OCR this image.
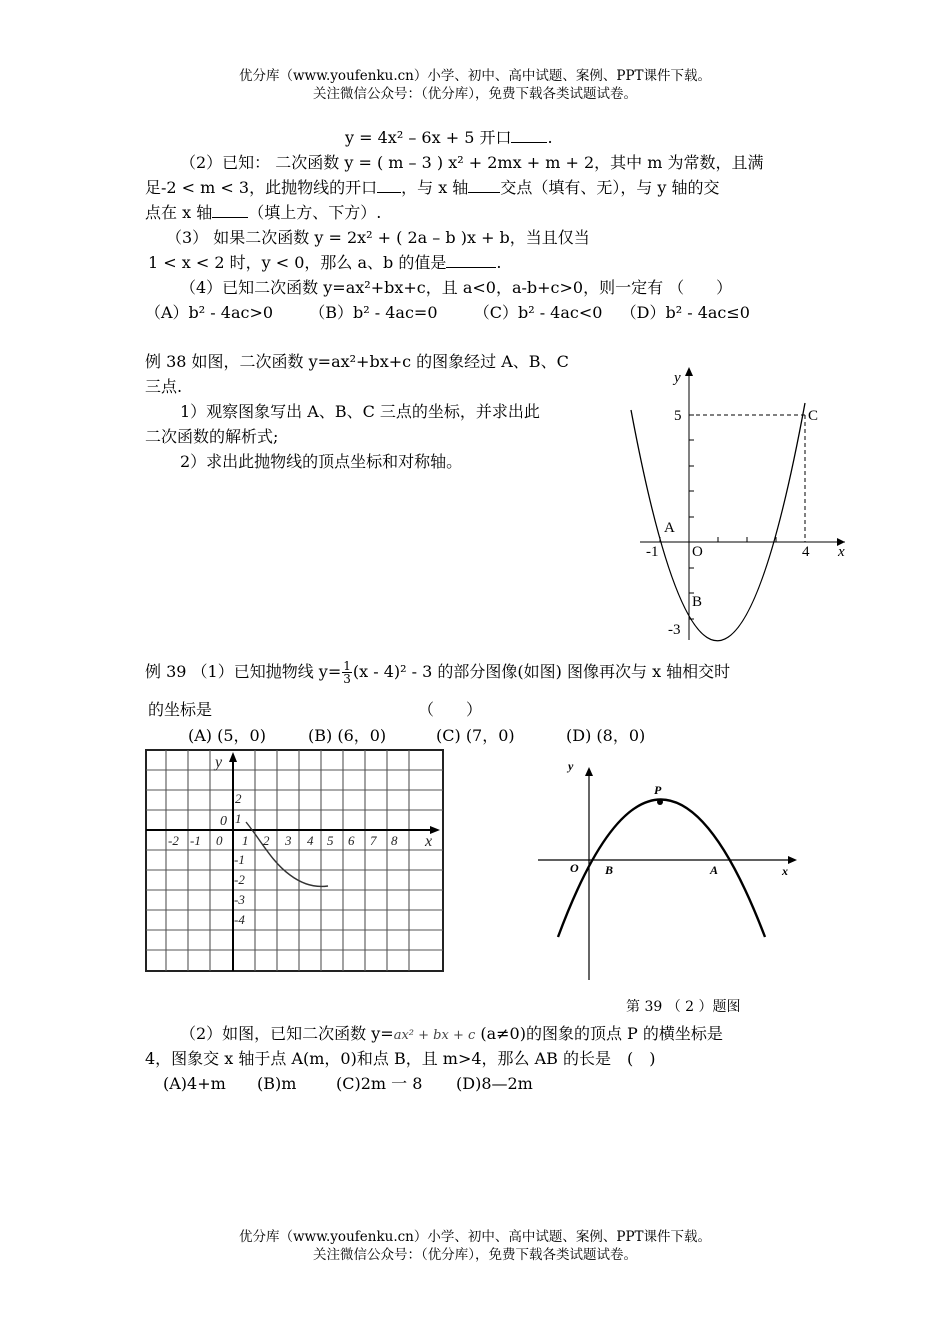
优分库（www.youfenku.cn）小学、初中、高中试题、案例、PPT课件下载。
关注微信公众号：（优分库），免费下载各类试题试卷。
y = 4x² – 6x + 5 开口 .
（2）已知： 二次函数 y = ( m – 3 ) x² + 2mx + m + 2，其中 m 为常数，且满
足-2 < m < 3，此抛物线的开口 ，与 x 轴 交点（填有、无），与 y 轴的交
点在 x 轴 （填上方、下方）.
（3） 如果二次函数 y = 2x² + ( 2a – b )x + b，当且仅当
1 < x < 2 时，y < 0，那么 a、b 的值是	.
（4）已知二次函数 y=ax²+bx+c，且 a<0，a-b+c>0，则一定有 （　　）
（A）b² - 4ac>0 （B）b² - 4ac=0 （C）b² - 4ac<0 （D）b² - 4ac≤0
例 38 如图，二次函数 y=ax²+bx+c 的图象经过 A、B、C
三点.
1）观察图象写出 A、B、C 三点的坐标，并求出此
二次函数的解析式;
2）求出此抛物线的顶点坐标和对称轴。
y
x
O
5
-3
-1	4
A
B
C
例 39 （1）已知抛物线 $y= \frac{1}{3} (x - 4)^2 - 3$ 的部分图像(如图) 图像再次与 x 轴相交时
的坐标是	（　　）
(A) (5，0)	(B) (6，0)	(C) (7，0)	(D) (8，0)
y
x
0
-2 -1 0 1 2 3 4 5 6 7 8
2
1
-1
-2
-3
-4
y
x
O B	A
P
第 39 （ 2 ）题图
（2）如图，已知二次函数 y=ax² + bx + c (a≠0)的图象的顶点 P 的横坐标是
4，图象交 x 轴于点 A(m，0)和点 B，且 m>4，那么 AB 的长是　(　)
(A)4+m (B)m (C)2m 一 8 (D)8—2m
优分库（www.youfenku.cn）小学、初中、高中试题、案例、PPT课件下载。
关注微信公众号：（优分库），免费下载各类试题试卷。
